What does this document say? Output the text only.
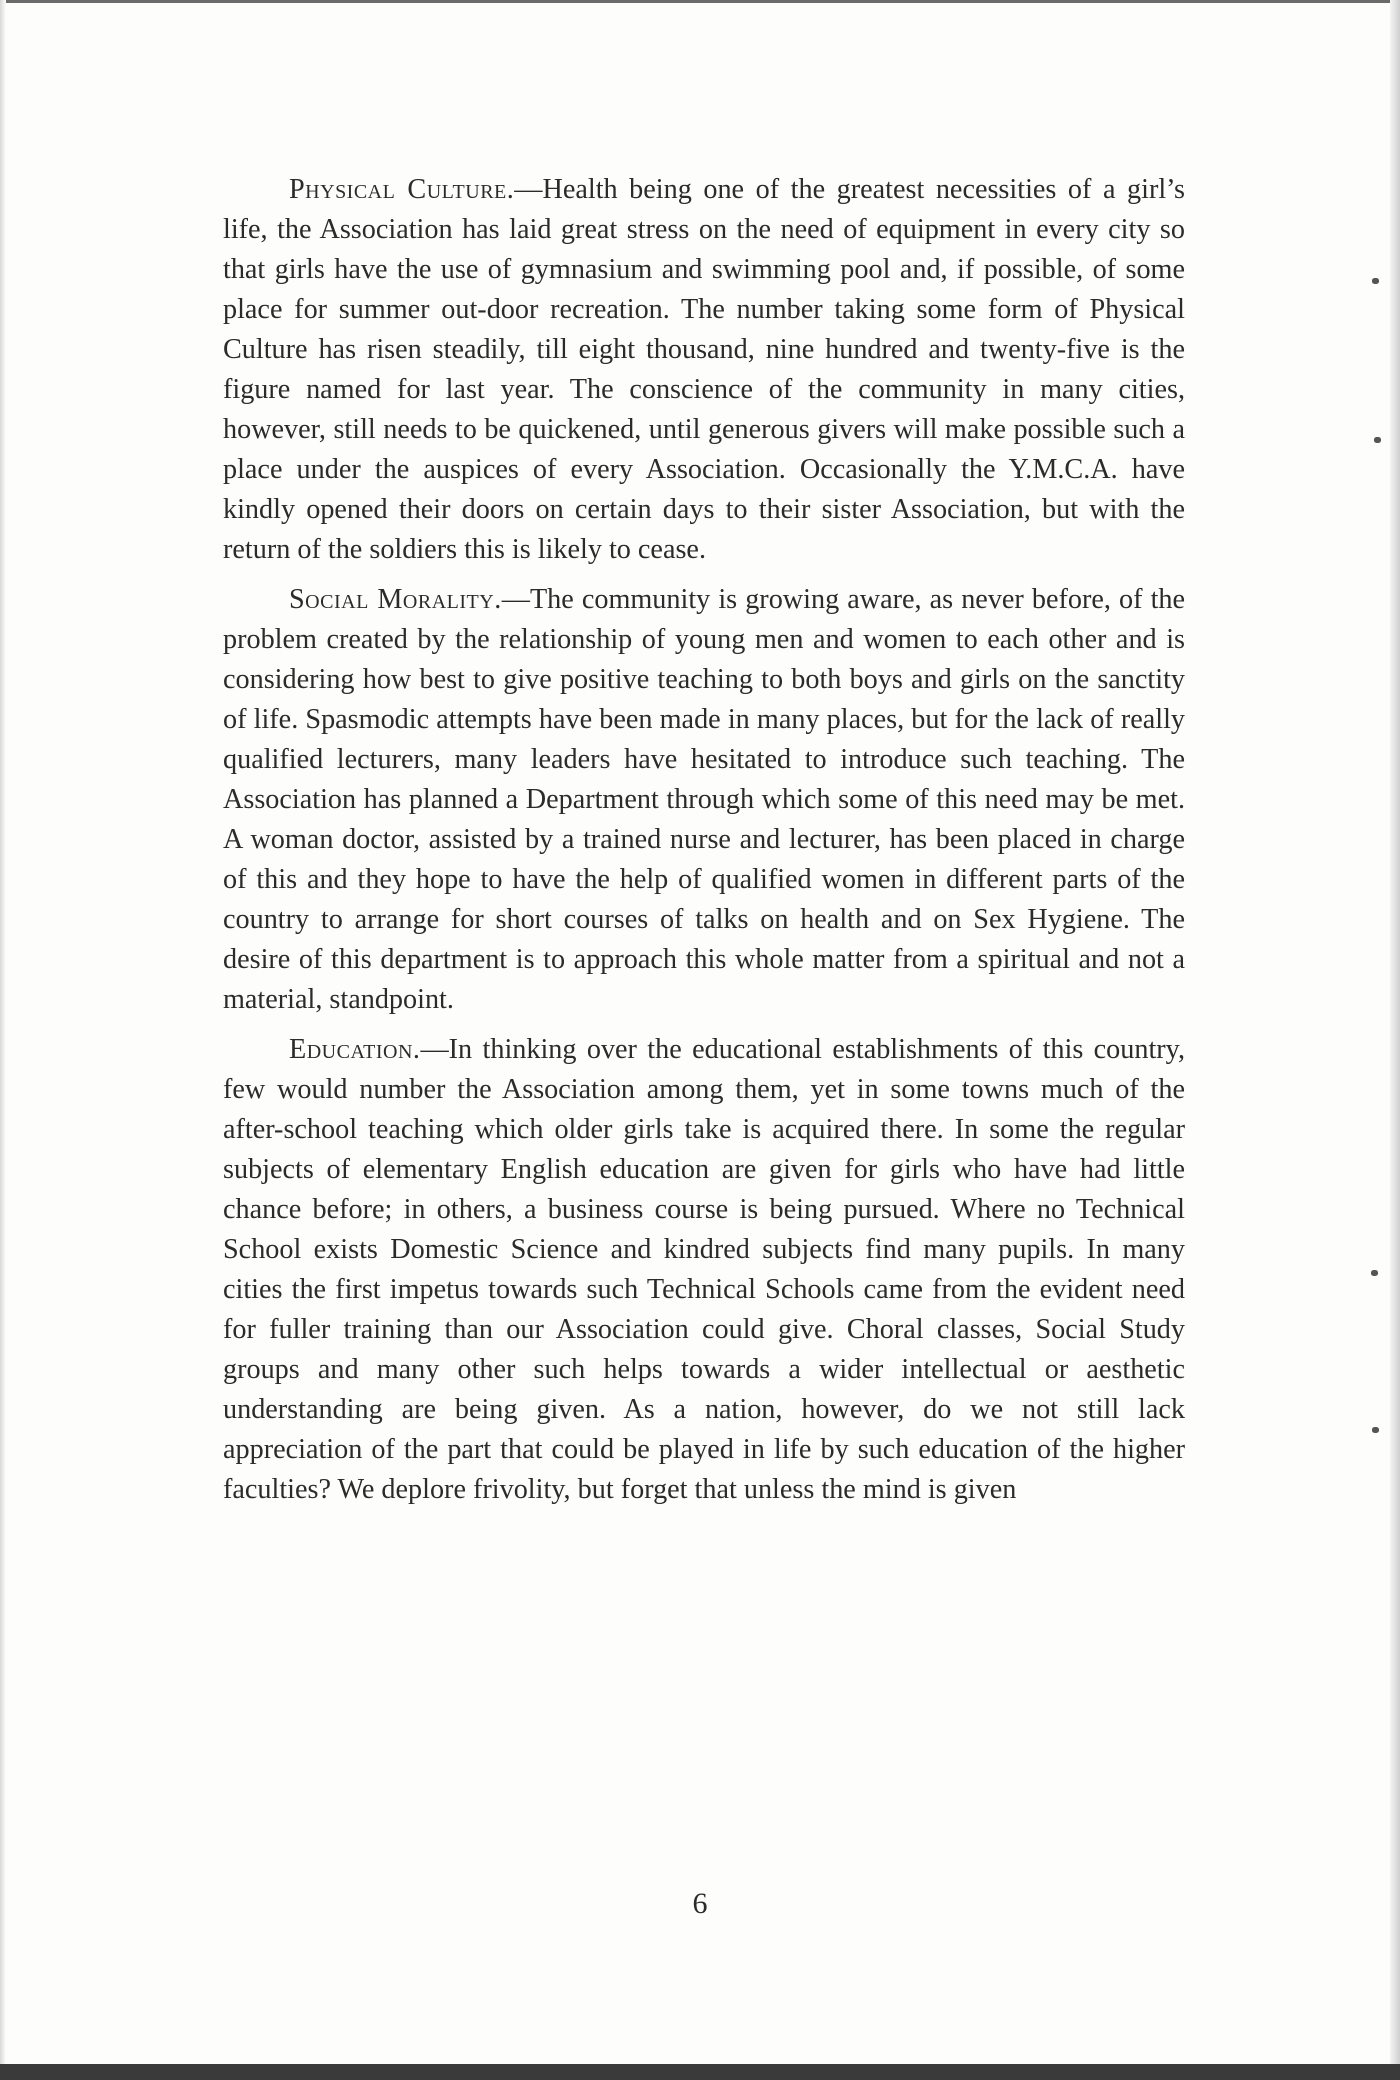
Physical Culture.—Health being one of the greatest necessities of a girl’s life, the Association has laid great stress on the need of equipment in every city so that girls have the use of gymnasium and swimming pool and, if possible, of some place for summer out-door recreation. The number taking some form of Physical Culture has risen steadily, till eight thousand, nine hundred and twenty-five is the figure named for last year. The conscience of the community in many cities, however, still needs to be quickened, until generous givers will make possible such a place under the auspices of every Association. Occasionally the Y.M.C.A. have kindly opened their doors on certain days to their sister Association, but with the return of the soldiers this is likely to cease.

Social Morality.—The community is growing aware, as never before, of the problem created by the relationship of young men and women to each other and is considering how best to give positive teaching to both boys and girls on the sanctity of life. Spasmodic attempts have been made in many places, but for the lack of really qualified lecturers, many leaders have hesitated to introduce such teaching. The Association has planned a Department through which some of this need may be met. A woman doctor, assisted by a trained nurse and lecturer, has been placed in charge of this and they hope to have the help of qualified women in different parts of the country to arrange for short courses of talks on health and on Sex Hygiene. The desire of this department is to approach this whole matter from a spiritual and not a material, standpoint.

Education.—In thinking over the educational establishments of this country, few would number the Association among them, yet in some towns much of the after-school teaching which older girls take is acquired there. In some the regular subjects of elementary English education are given for girls who have had little chance before; in others, a business course is being pursued. Where no Technical School exists Domestic Science and kindred subjects find many pupils. In many cities the first impetus towards such Technical Schools came from the evident need for fuller training than our Association could give. Choral classes, Social Study groups and many other such helps towards a wider intellectual or aesthetic understanding are being given. As a nation, however, do we not still lack appreciation of the part that could be played in life by such education of the higher faculties? We deplore frivolity, but forget that unless the mind is given

6
